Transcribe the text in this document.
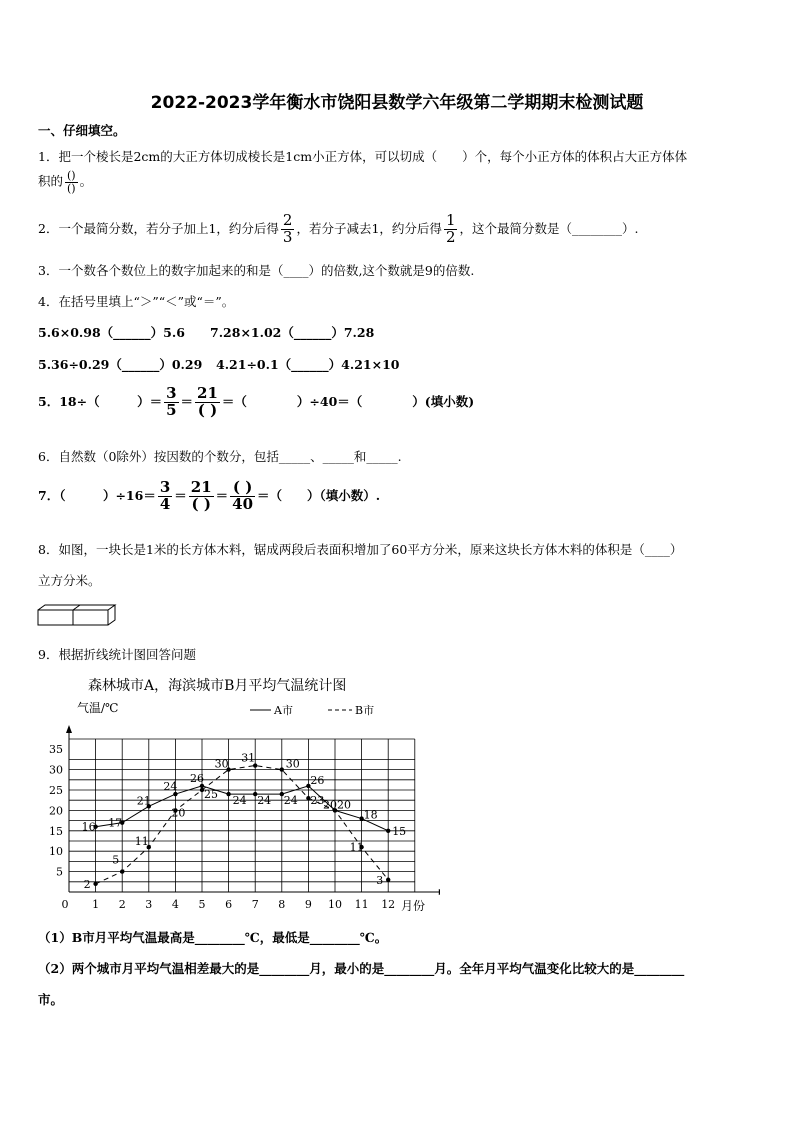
2022-2023学年衡水市饶阳县数学六年级第二学期期末检测试题
一、仔细填空。
1．把一个棱长是2cm的大正方体切成棱长是1cm小正方体，可以切成（　　）个，每个小正方体的体积占大正方体体
积的 $\frac{()}{()}$ 。
2．一个最简分数，若分子加上1，约分后得 $\frac{2}{3}$ ，若分子减去1，约分后得 $\frac{1}{2}$ ，这个最简分数是（________）.
3．一个数各个数位上的数字加起来的和是（____）的倍数,这个数就是9的倍数.
4．在括号里填上“＞”“＜”或“＝”。
5.6×0.98（______）5.6 7.28×1.02（______）7.28
5.36÷0.29（______）0.29 4.21÷0.1（______）4.21×10
5．18÷（　　　）＝ $\frac{3}{5} = \frac{21}{( )}$ ＝（　　　　）÷40＝（　　　　）(填小数)
6．自然数（0除外）按因数的个数分，包括_____、_____和_____.
7．（　　　）$\div 16= \frac{3}{4} = \frac{21}{( )} = \frac{( )}{40}$ ＝（　　）（填小数）.
8．如图，一块长是1米的长方体木料，锯成两段后表面积增加了60平方分米，原来这块长方体木料的体积是（____）
立方分米。
9．根据折线统计图回答问题
森林城市A，海滨城市B月平均气温统计图
气温/℃
月份
A市	B市
0 1 2 3 4 5 6 7 8 9 10 11 12
5
10
15
20
25
30
35
16 17
21
24
26
24 24 24
26
20
18
15
2
5
11
20
25
30 31	30
23
20
11
3
（1）B市月平均气温最高是________℃，最低是________℃。
（2）两个城市月平均气温相差最大的是________月，最小的是________月。全年月平均气温变化比较大的是________
市。
